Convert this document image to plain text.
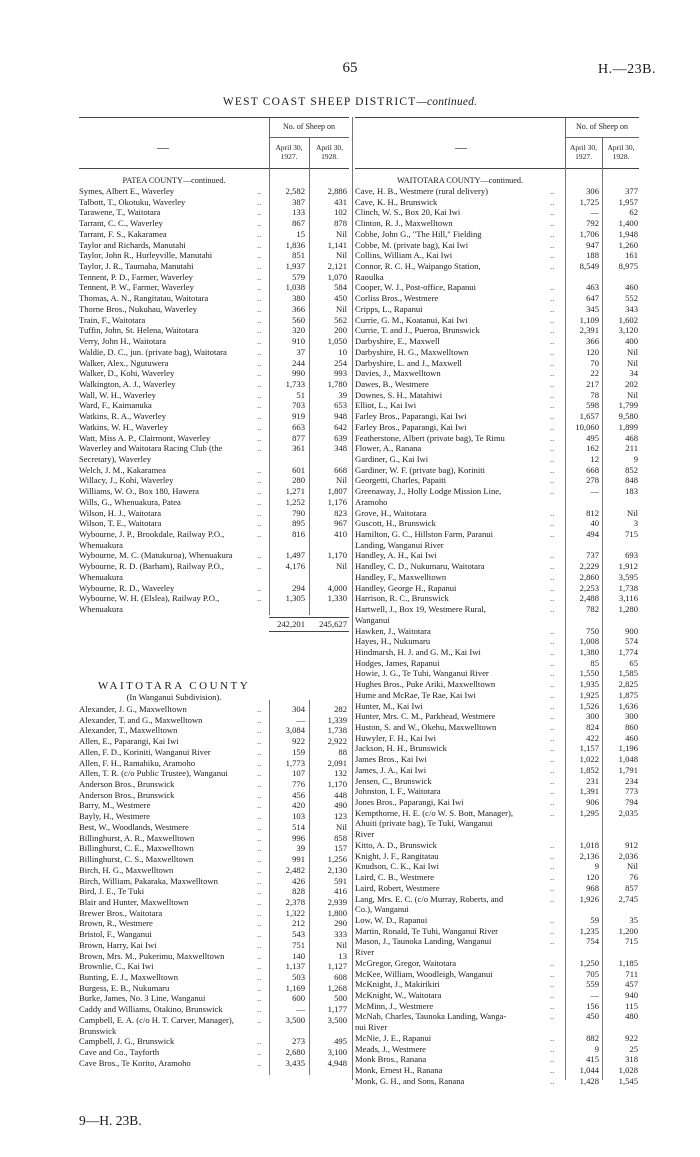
65	H.—23B.
WEST COAST SHEEP DISTRICT—continued.
—
No. of Sheep on
April 30, 1927.
April 30, 1928.
—
No. of Sheep on
April 30, 1927.
April 30, 1928.
9—H. 23B.
PATEA COUNTY—continued.
Symes, Albert E., Waverley	..	2,582	2,886
Talbott, T., Okotuku, Waverley	..	387	431
Tarawene, T., Waitotara	..	133	102
Tarrant, C. C., Waverley	..	867	878
Tarrant, F. S., Kakaramea	..	15	Nil
Taylor and Richards, Manutahi	..	1,836	1,141
Taylor, John R., Hurleyville, Manutahi	..	851	Nil
Taylor, J. R., Taumaha, Manutahi	..	1,937	2,121
Tennent, P. D., Farmer, Waverley	..	579	1,070
Tennent, P. W., Farmer, Waverley	..	1,038	584
Thomas, A. N., Rangitatau, Waitotara	..	380	450
Thorne Bros., Nukuhau, Waverley	..	366	Nil
Train, F., Waitotara	..	560	562
Tuffin, John, St. Helena, Waitotara	..	320	200
Verry, John H., Waitotara	..	910	1,050
Waldie, D. C., jun. (private bag), Waitotara	..	37	10
Walker, Alex., Ngutuwera	..	244	254
Walker, D., Kohi, Waverley	..	990	993
Walkington, A. J., Waverley	..	1,733	1,780
Wall, W. H., Waverley	..	51	39
Ward, F., Kaimanuka	..	703	653
Watkins, R. A., Waverley	..	919	948
Watkins, W. H., Waverley	..	663	642
Watt, Miss A. P., Clairmont, Waverley	..	877	639
Waverley and Waitotara Racing Club (the	..	361	348
Secretary), Waverley
Welch, J. M., Kakaramea	..	601	668
Willacy, J., Kohi, Waverley	..	280	Nil
Williams, W. O., Box 180, Hawera	..	1,271	1,807
Wills, G., Whenuakura, Patea	..	1,252	1,176
Wilson, H. J., Waitotara	..	790	823
Wilson, T. E., Waitotara	..	895	967
Wybourne, J. P., Brookdale, Railway P.O.,	..	816	410
Whenuakura
Wybourne, M. C. (Matukuroa), Whenuakura	..	1,497	1,170
Wybourne, R. D. (Barham), Railway P.O.,	..	4,176	Nil
Whenuakura
Wybourne, R. D., Waverley	..	294	4,000
Wybourne, W. H. (Elslea), Railway P.O.,	..	1,305	1,330
Whenuakura
242,201	245,627
WAITOTARA COUNTY
(In Wanganui Subdivision).
Alexander, J. G., Maxwelltown	..	304	282
Alexander, T. and G., Maxwelltown	..	—	1,339
Alexander, T., Maxwelltown	..	3,084	1,738
Allen, E., Paparangi, Kai Iwi	..	922	2,922
Allen, F. D., Koriniti, Wanganui River	..	159	88
Allen, F. H., Ramahiku, Aramoho	..	1,773	2,091
Allen, T. R. (c/o Public Trustee), Wanganui	..	107	132
Anderson Bros., Brunswick	..	776	1,170
Anderson Bros., Brunswick	..	456	448
Barry, M., Westmere	..	420	490
Bayly, H., Westmere	..	103	123
Best, W., Woodlands, Westmere	..	514	Nil
Billinghurst, A. R., Maxwelltown	..	996	858
Billinghurst, C. E., Maxwelltown	..	39	157
Billinghurst, C. S., Maxwelltown	..	991	1,256
Birch, H. G., Maxwelltown	..	2,482	2,130
Birch, William, Pakaraka, Maxwelltown	..	426	591
Bird, J. E., Te Tuki	..	828	416
Blair and Hunter, Maxwelltown	..	2,378	2,939
Brewer Bros., Waitotara	..	1,322	1,800
Brown, R., Westmere	..	212	290
Bristol, F., Wanganui	..	543	333
Brown, Harry, Kai Iwi	..	751	Nil
Brown, Mrs. M., Pukerimu, Maxwelltown	..	140	13
Brownlie, C., Kai Iwi	..	1,137	1,127
Bunting, E. J., Maxwelltown	..	503	608
Burgess, E. B., Nukumaru	..	1,169	1,268
Burke, James, No. 3 Line, Wanganui	..	600	500
Caddy and Williams, Otakino, Brunswick	..	—	1,177
Campbell, E. A. (c/o H. T. Carver, Manager),	..	3,500	3,500
Brunswick
Campbell, J. G., Brunswick	..	273	495
Cave and Co., Tayforth	..	2,680	3,100
Cave Bros., Te Korito, Aramoho	..	3,435	4,948
WAITOTARA COUNTY—continued.
Cave, H. B., Westmere (rural delivery)	..	306	377
Cave, K. H., Brunswick	..	1,725	1,957
Clinch, W. S., Box 20, Kai Iwi	..	—	62
Clinton, R. J., Maxwelltown	..	792	1,400
Cobbe, John G., "The Hill," Fielding	..	1,706	1,948
Cobbe, M. (private bag), Kai Iwi	..	947	1,260
Collins, William A., Kai Iwi	..	188	161
Connor, R. C. H., Waipango Station,	..	8,549	8,975
Raoulka
Cooper, W. J., Post-office, Rapanui	..	463	460
Corliss Bros., Westmere	..	647	552
Cripps, L., Rapanui	..	345	343
Currie, G. M., Koatanui, Kai Iwi	..	1,109	1,602
Currie, T. and J., Pueroa, Brunswick	..	2,391	3,120
Darbyshire, E., Maxwell	..	366	400
Darbyshire, H. G., Maxwelltown	..	120	Nil
Darbyshire, L. and J., Maxwell	..	70	Nil
Davies, J., Maxwelltown	..	22	34
Dawes, B., Westmere	..	217	202
Downes, S. H., Matahiwi	..	78	Nil
Elliot, L., Kai Iwi	..	598	1,799
Farley Bros., Paparangi, Kai Iwi	..	1,657	9,580
Farley Bros., Paparangi, Kai Iwi	..	10,060	1,899
Featherstone, Albert (private bag), Te Rimu	..	495	468
Flower, A., Ranana	..	162	211
Gardiner, G., Kai Iwi	..	12	9
Gardiner, W. F. (private bag), Koriniti	..	668	852
Georgetti, Charles, Papaiti	..	278	848
Greenaway, J., Holly Lodge Mission Line,	..	—	183
Aramoho
Grove, H., Waitotara	..	812	Nil
Guscott, H., Brunswick	..	40	3
Hamilton, G. C., Hillston Farm, Paranui	..	494	715
Landing, Wanganui River
Handley, A. H., Kai Iwi	..	737	693
Handley, C. D., Nukumaru, Waitotara	..	2,229	1,912
Handley, F., Maxwelltown	..	2,860	3,595
Handley, George H., Rapanui	..	2,253	1,738
Harrison, R. C., Brunswick	..	2,488	3,116
Hartwell, J., Box 19, Westmere Rural,	..	782	1,280
Wanganui
Hawken, J., Waitotara	..	750	900
Hayes, H., Nukumaru	..	1,008	574
Hindmarsh, H. J. and G. M., Kai Iwi	..	1,380	1,774
Hodges, James, Rapanui	..	85	65
Howie, J. G., Te Tuhi, Wanganui River	..	1,550	1,585
Hughes Bros., Puke Ariki, Maxwelltown	..	1,935	2,825
Hume and McRae, Te Rae, Kai Iwi	..	1,925	1,875
Hunter, M., Kai Iwi	..	1,526	1,636
Hunter, Mrs. C. M., Parkhead, Westmere	..	300	300
Huston, S. and W., Okehu, Maxwelltown	..	824	860
Huwyler, F. H., Kai Iwi	..	422	460
Jackson, H. H., Brunswick	..	1,157	1,196
James Bros., Kai Iwi	..	1,022	1,048
James, J. A., Kai Iwi	..	1,852	1,791
Jensen, C., Brunswick	..	231	234
Johnston, I. F., Waitotara	..	1,391	773
Jones Bros., Paparangi, Kai Iwi	..	906	794
Kempthorne, H. E. (c/o W. S. Bott, Manager),	..	1,295	2,035
Ahuiti (private bag), Te Tuki, Wanganui
River
Kitto, A. D., Brunswick	..	1,018	912
Knight, J. F., Rangitatau	..	2,136	2,036
Knudson, C. K., Kai Iwi	..	9	Nil
Laird, C. B., Westmere	..	120	76
Laird, Robert, Westmere	..	968	857
Lang, Mrs. E. C. (c/o Murray, Roberts, and	..	1,926	2,745
Co.), Wanganui
Low, W. D., Rapanui	..	59	35
Martin, Ronald, Te Tuhi, Wanganui River	..	1,235	1,200
Mason, J., Taunoka Landing, Wanganui	..	754	715
River
McGregor, Gregor, Waitotara	..	1,250	1,185
McKee, William, Woodleigh, Wanganui	..	705	711
McKnight, J., Makirikiri	..	559	457
McKnight, W., Waitotara	..	—	940
McMinn, J., Westmere	..	156	115
McNab, Charles, Taunoka Landing, Wanga-	..	450	480
nui River
McNie, J. E., Rapanui	..	882	922
Meads, J., Westmere	..	9	25
Monk Bros., Ranana	..	415	318
Monk, Ernest H., Ranana	..	1,044	1,028
Monk, G. H., and Sons, Ranana	..	1,428	1,545
